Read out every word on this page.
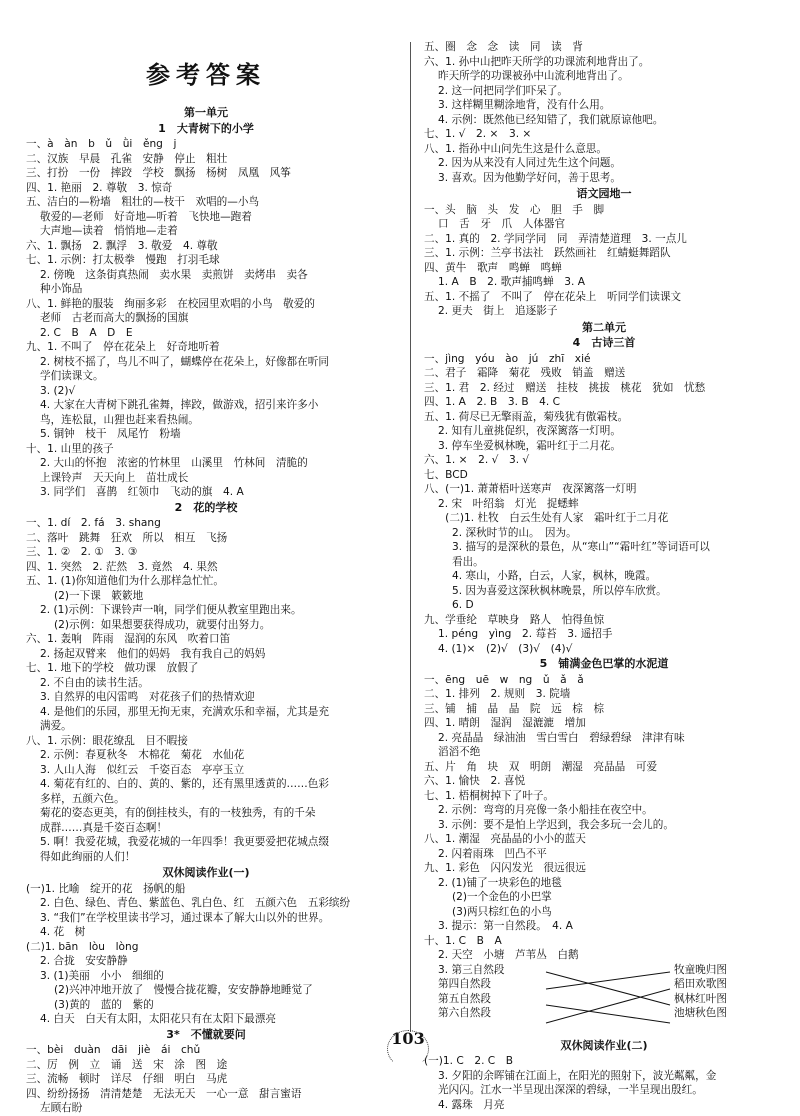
参考答案
第一单元
1　大青树下的小学
一、à　àn　b　ǔ　ǜi　ěng　j
二、汉族　早晨　孔雀　安静　停止　粗壮
三、打扮　一份　摔跤　学校　飘扬　杨树　凤凰　风筝
四、1. 艳丽　2. 尊敬　3. 惊奇
五、洁白的—粉墙　粗壮的—枝干　欢唱的—小鸟
敬爱的—老师　好奇地—听着　飞快地—跑着
大声地—读着　悄悄地—走着
六、1. 飘扬　2. 飘浮　3. 敬爱　4. 尊敬
七、1. 示例：打太极拳　慢跑　打羽毛球
2. 傍晚　这条街真热闹　卖水果　卖煎饼　卖烤串　卖各
种小饰品
八、1. 鲜艳的服装　绚丽多彩　在校园里欢唱的小鸟　敬爱的
老师　古老而高大的飘扬的国旗
2. C　B　A　D　E
九、1. 不叫了　停在花朵上　好奇地听着
2. 树枝不摇了，鸟儿不叫了，蝴蝶停在花朵上，好像都在听同
学们读课文。
3. (2)√
4. 大家在大青树下跳孔雀舞，摔跤，做游戏，招引来许多小
鸟，连松鼠，山狸也赶来看热闹。
5. 铜钟　枝干　凤尾竹　粉墙
十、1. 山里的孩子
2. 大山的怀抱　浓密的竹林里　山溪里　竹林间　清脆的
上课铃声　天天向上　苗壮成长
3. 同学们　喜鹊　红领巾　飞动的旗　4. A
2　花的学校
一、1. dí　2. fá　3. shang
二、落叶　跳舞　狂欢　所以　相互　飞扬
三、1. ②　2. ①　3. ③
四、1. 突然　2. 茫然　3. 竟然　4. 果然
五、1. (1)你知道他们为什么那样急忙忙。
(2)一下课　簌簌地
2. (1)示例：下课铃声一响，同学们便从教室里跑出来。
(2)示例：如果想要获得成功，就要付出努力。
六、1. 轰响　阵雨　湿润的东风　吹着口笛
2. 扬起双臂来　他们的妈妈　我有我自己的妈妈
七、1. 地下的学校　做功课　放假了
2. 不自由的读书生活。
3. 自然界的电闪雷鸣　对花孩子们的热情欢迎
4. 是他们的乐园，那里无拘无束，充满欢乐和幸福，尤其是充
满爱。
八、1. 示例：眼花缭乱　目不暇接
2. 示例：春夏秋冬　木棉花　菊花　水仙花
3. 人山人海　似红云　千姿百态　亭亭玉立
4. 菊花有红的、白的、黄的、紫的，还有黑里透黄的……色彩
多样，五颜六色。
菊花的姿态更美，有的倒挂枝头，有的一枝独秀，有的千朵
成群……真是千姿百态啊！
5. 啊！我爱花城，我爱花城的一年四季！我更要爱把花城点缀
得如此绚丽的人们！
双休阅读作业(一)
(一)1. 比喻　绽开的花　扬帆的船
2. 白色、绿色、青色、紫蓝色、乳白色、红　五颜六色　五彩缤纷
3. “我们”在学校里读书学习，通过课本了解大山以外的世界。
4. 花　树
(二)1. bān　lòu　lòng
2. 合拢　安安静静
3. (1)美丽　小小　细细的
(2)兴冲冲地开放了　慢慢合拢花瓣，安安静静地睡觉了
(3)黄的　蓝的　紫的
4. 白天　白天有太阳，太阳花只有在太阳下最漂亮
3*　不懂就要问
一、bèi　duàn　dāi　jiè　ái　chǔ
二、厉　例　立　诵　送　宋　涂　图　途
三、流畅　顿时　详尽　仔细　明白　马虎
四、纷纷扬扬　清清楚楚　无法无天　一心一意　甜言蜜语
左顾右盼
五、圈　念　念　读　同　读　背
六、1. 孙中山把昨天所学的功课流利地背出了。
昨天所学的功课被孙中山流利地背出了。
2. 这一问把同学们吓呆了。
3. 这样糊里糊涂地背，没有什么用。
4. 示例：既然他已经知错了，我们就原谅他吧。
七、1. √　2. ×　3. ×
八、1. 指孙中山问先生这是什么意思。
2. 因为从来没有人同过先生这个问题。
3. 喜欢。因为他勤学好问，善于思考。
语文园地一
一、头　脑　头　发　心　胆　手　脚
口　舌　牙　爪　人体器官
二、1. 真的　2. 学同学同　同　弄清楚道理　3. 一点儿
三、1. 示例：兰亭书法社　跃然画社　红蜻蜓舞蹈队
四、黄牛　歌声　鸣蝉　鸣蝉
1. A　B　2. 歌声捕鸣蝉　3. A
五、1. 不摇了　不叫了　停在花朵上　听同学们读课文
2. 更夫　街上　追逐影子
第二单元
4　古诗三首
一、jìng　yóu　ào　jú　zhī　xié
二、君子　霜降　菊花　残败　销盖　赠送
三、1. 君　2. 经过　赠送　挂枝　挑拔　桃花　犹如　忧愁
四、1. A　2. B　3. B　4. C
五、1. 荷尽已无擎雨盖，菊残犹有傲霜枝。
2. 知有儿童挑促织，夜深篱落一灯明。
3. 停车坐爱枫林晚，霜叶红于二月花。
六、1. ×　2. √　3. √
七、BCD
八、(一)1. 萧萧梧叶送寒声　夜深篱落一灯明
2. 宋　叶绍翁　灯光　捉蟋蟀
　　(二)1. 杜牧　白云生处有人家　霜叶红于二月花
2. 深秋时节的山。　因为。
3. 描写的是深秋的景色，从“寒山”“霜叶红”等词语可以
看出。
4. 寒山，小路，白云，人家，枫林，晚霞。
5. 因为喜爱这深秋枫林晚景，所以停车欣赏。
6. D
九、学垂纶　草映身　路人　怕得鱼惊
1. péng　yìng　2. 莓苔　3. 遥招手
4. (1)×　(2)√　(3)√　(4)√
5　铺满金色巴掌的水泥道
一、ēng　uē　w　ng　ǔ　ǎ　ǎ
二、1. 排列　2. 规则　3. 院墙
三、铺　捕　晶　晶　院　远　棕　棕
四、1. 晴朗　湿润　湿漉漉　增加
2. 亮晶晶　绿油油　雪白雪白　碧绿碧绿　津津有味
滔滔不绝
五、片　角　块　双　明朗　潮湿　亮晶晶　可爱
六、1. 愉快　2. 喜悦
七、1. 梧桐树掉下了叶子。
2. 示例：弯弯的月亮像一条小船挂在夜空中。
3. 示例：要不是怕上学迟到，我会多玩一会儿的。
八、1. 潮湿　亮晶晶的小小的蓝天
2. 闪着雨珠　凹凸不平
九、1. 彩色　闪闪发光　很远很远
2. (1)铺了一块彩色的地毯
(2)一个金色的小巴掌
(3)两只棕红色的小鸟
3. 提示：第一自然段。　4. A
十、1. C　B　A
2. 天空　小塘　芦苇丛　白鹅
3. 第三自然段
第四自然段
第五自然段
第六自然段
牧童晚归图
稻田欢歌图
枫林红叶图
池塘秋色图
双休阅读作业(二)
(一)1. C　2. C　B
3. 夕阳的余晖铺在江面上，在阳光的照射下，波光粼粼，金
光闪闪。江水一半呈现出深深的碧绿，一半呈现出殷红。
4. 露珠　月亮
103
